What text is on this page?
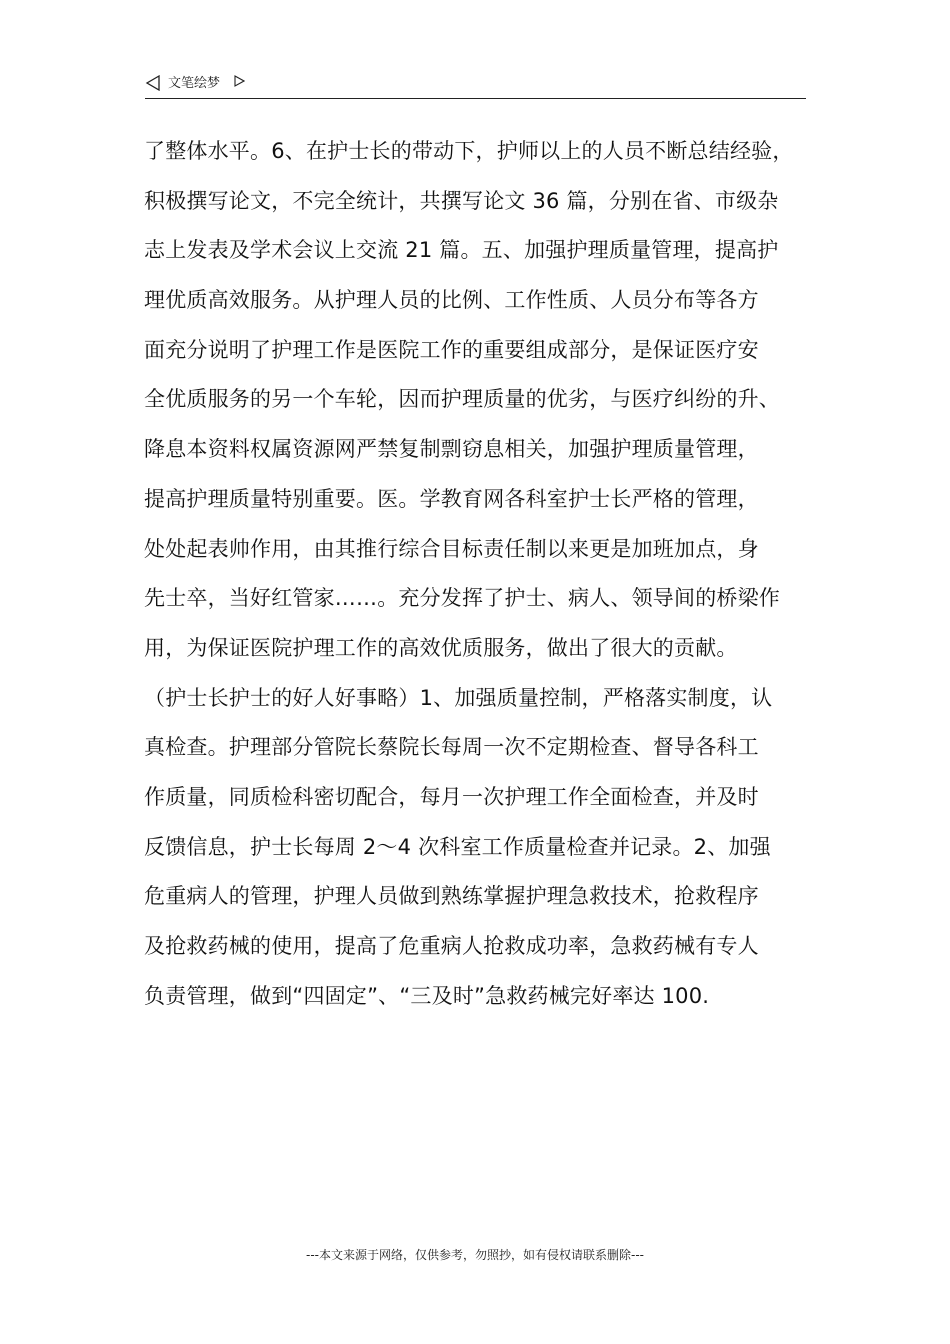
文笔绘梦
了整体水平。6、在护士长的带动下，护师以上的人员不断总结经验，
积极撰写论文，不完全统计，共撰写论文 36 篇，分别在省、市级杂
志上发表及学术会议上交流 21 篇。五、加强护理质量管理，提高护
理优质高效服务。从护理人员的比例、工作性质、人员分布等各方
面充分说明了护理工作是医院工作的重要组成部分，是保证医疗安
全优质服务的另一个车轮，因而护理质量的优劣，与医疗纠纷的升、
降息本资料权属资源网严禁复制剽窃息相关，加强护理质量管理，
提高护理质量特别重要。医。学教育网各科室护士长严格的管理，
处处起表帅作用，由其推行综合目标责任制以来更是加班加点，身
先士卒，当好红管家……。充分发挥了护士、病人、领导间的桥梁作
用，为保证医院护理工作的高效优质服务，做出了很大的贡献。
（护士长护士的好人好事略）1、加强质量控制，严格落实制度，认
真检查。护理部分管院长蔡院长每周一次不定期检查、督导各科工
作质量，同质检科密切配合，每月一次护理工作全面检查，并及时
反馈信息，护士长每周 2～4 次科室工作质量检查并记录。2、加强
危重病人的管理，护理人员做到熟练掌握护理急救技术，抢救程序
及抢救药械的使用，提高了危重病人抢救成功率，急救药械有专人
负责管理，做到“四固定”、“三及时”急救药械完好率达 100.
---本文来源于网络，仅供参考，勿照抄，如有侵权请联系删除---
